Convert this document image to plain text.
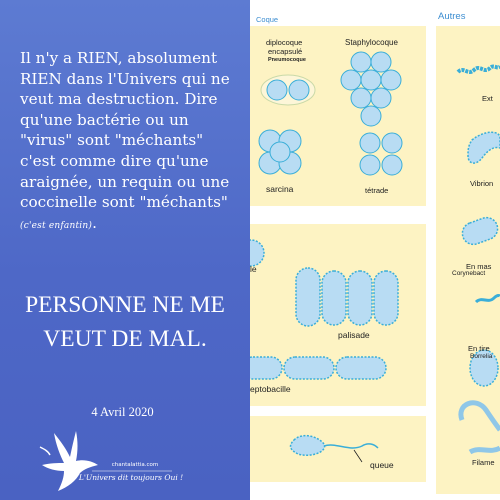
Il n'y a RIEN, absolument RIEN dans l'Univers qui ne veut ma destruction. Dire qu'une bactérie ou un "virus" sont "méchants" c'est comme dire qu'une araignée, un requin ou une coccinelle sont "méchants" (c'est enfantin).

PERSONNE NE ME VEUT DE MAL.
4 Avril 2020
chantalattia.com
L'Univers dit toujours Oui !
Coque	Autres
diplocoque
encapsulé
Pneumocoque
Staphylocoque
sarcina	tétrade
le
palisade
eptobacille
queue
Ext
Vibrion
En mas
Corynebact
En tire
Borrelia
Filame
